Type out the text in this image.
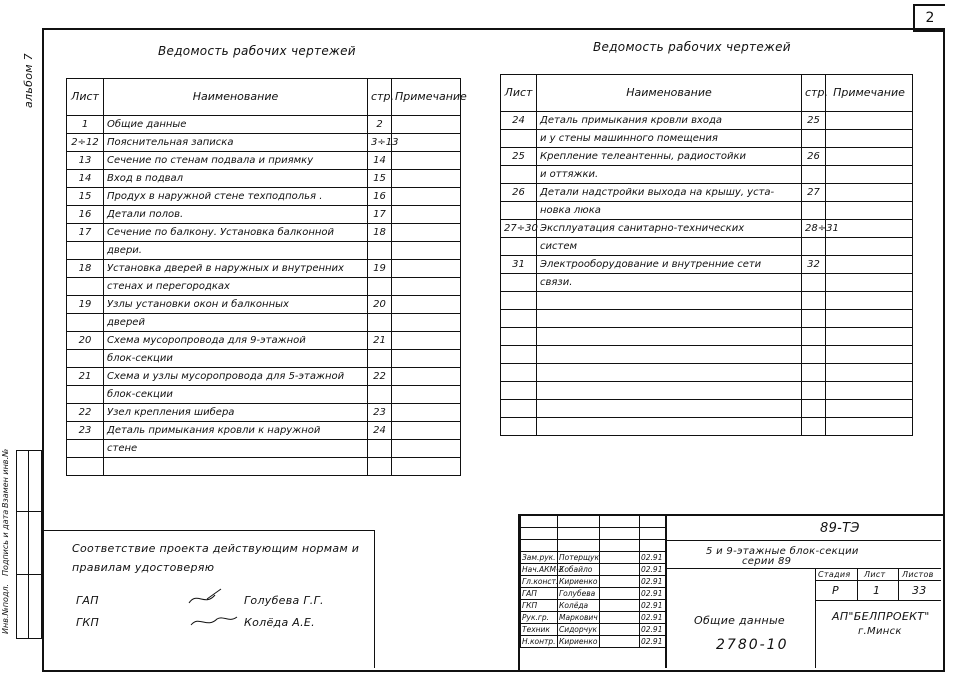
2
альбом 7
Взамен инв.№
Подпись и дата
Инв.№подл.
Ведомость рабочих чертежей
Лист	Наименование	стр.	Примечание
1	Общие данные	2	
2÷12	Пояснительная записка	3÷13	
13	Сечение по стенам подвала и приямку	14	
14	Вход в подвал	15	
15	Продух в наружной стене техподполья .	16	
16	Детали полов.	17	
17	Сечение по балкону. Установка балконной	18	
	двери.		
18	Установка дверей в наружных и внутренних	19	
	стенах и перегородках		
19	Узлы установки окон и балконных	20	
	дверей		
20	Схема мусоропровода для 9-этажной	21	
	блок-секции		
21	Схема и узлы мусоропровода для 5-этажной	22	
	блок-секции		
22	Узел крепления шибера	23	
23	Деталь примыкания кровли к наружной	24	
	стене		

Ведомость рабочих чертежей
Лист	Наименование	стр.	Примечание
24	Деталь примыкания кровли входа	25	
	и у стены машинного помещения		
25	Крепление телеантенны, радиостойки	26	
	и оттяжки.		
26	Детали надстройки выхода на крышу, уста-	27	
	новка люка		
27÷30	Эксплуатация санитарно-технических	28÷31	
	систем		
31	Электрооборудование и внутренние сети	32	
	связи.		

Соответствие проекта действующим нормам и
правилам удостоверяю
ГАП	Голубева Г.Г.
ГКП	Колёда А.Е.
89-ТЭ
5 и 9-этажные блок-секции
серии 89
Общие данные
Стадия Лист Листов
Р	1	33
АП"БЕЛПРОЕКТ"
г.Минск

Зам.рук.	Потерщук		02.91
Нач.АКМ-2	Кобайло		02.91
Гл.конст.	Кириенко		02.91
ГАП	Голубева		02.91
ГКП	Колёда		02.91
Рук.гр.	Маркович		02.91
Техник	Сидорчук		02.91
Н.контр.	Кириенко		02.91	2780-10
